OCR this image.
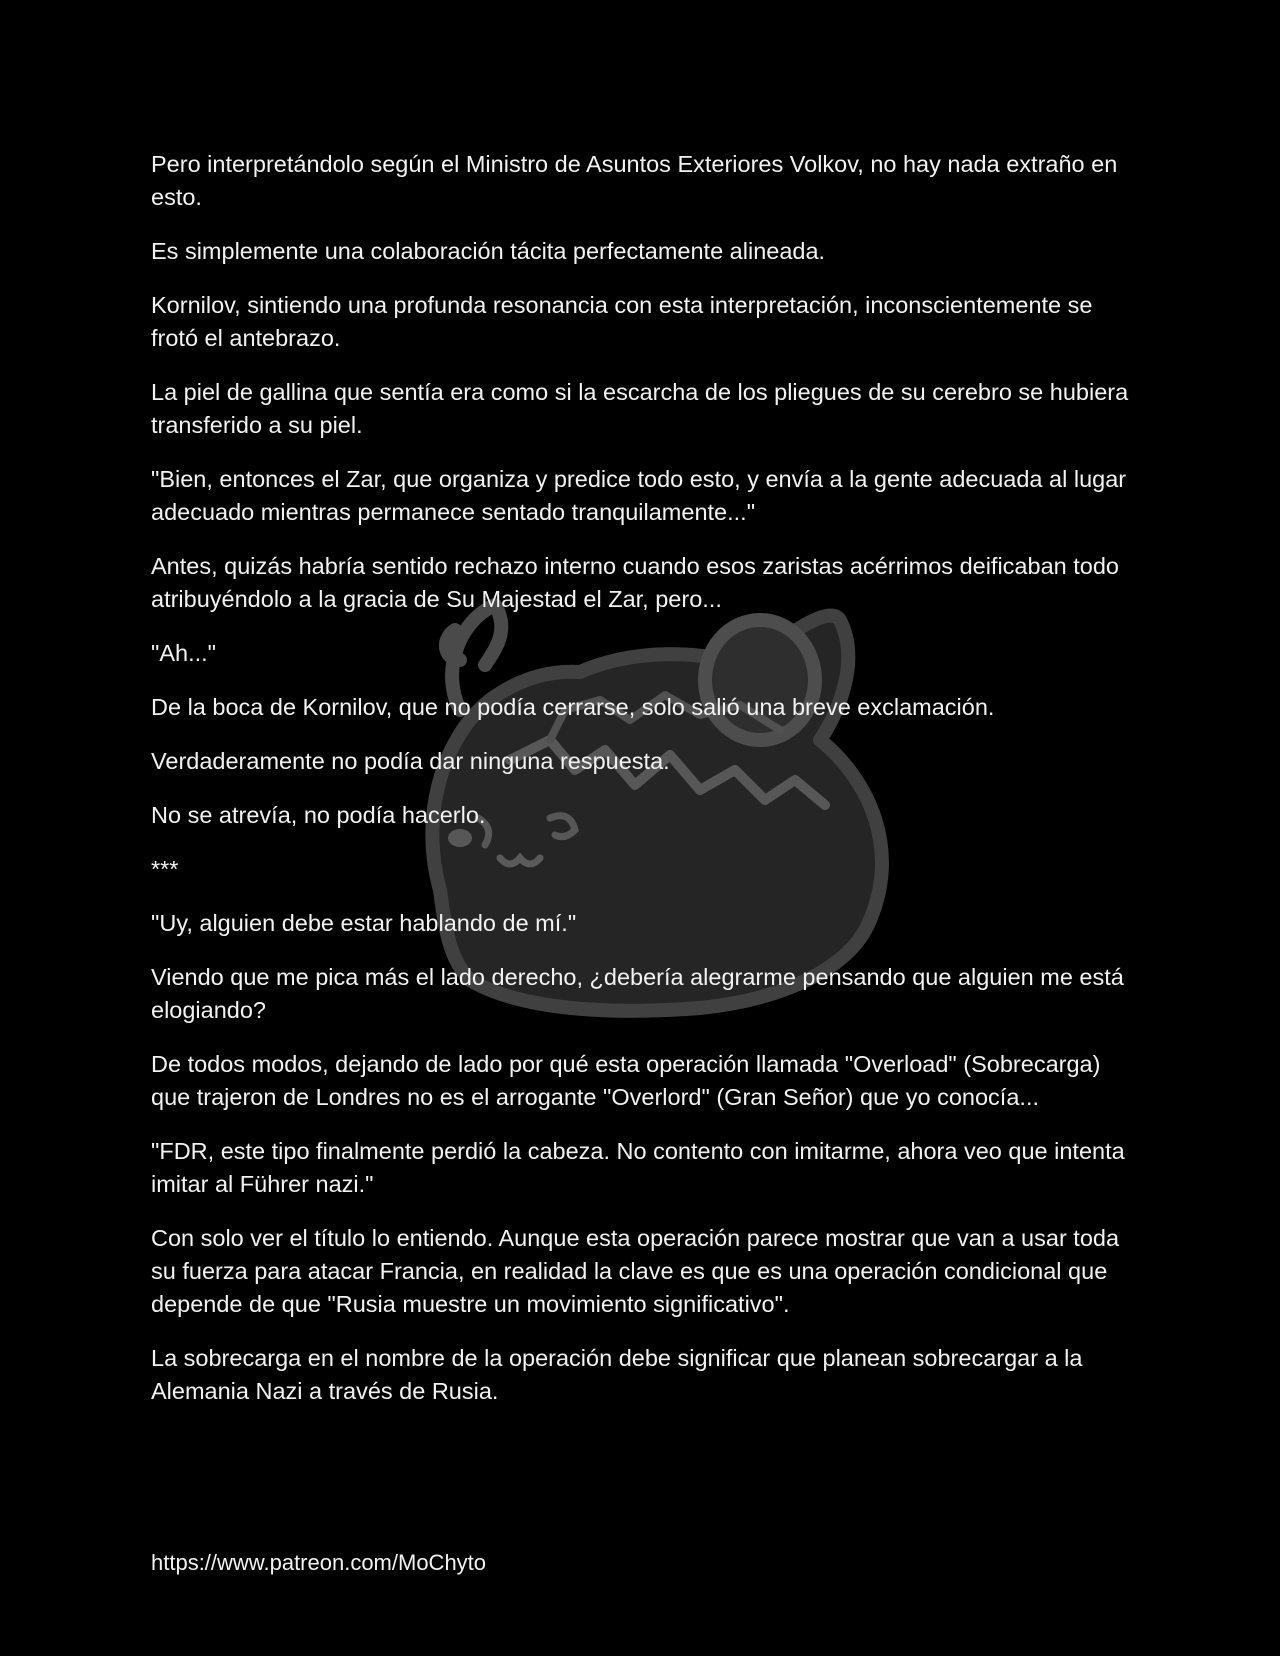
Pero interpretándolo según el Ministro de Asuntos Exteriores Volkov, no hay nada extraño en esto.

Es simplemente una colaboración tácita perfectamente alineada.

Kornilov, sintiendo una profunda resonancia con esta interpretación, inconscientemente se frotó el antebrazo.

La piel de gallina que sentía era como si la escarcha de los pliegues de su cerebro se hubiera transferido a su piel.

"Bien, entonces el Zar, que organiza y predice todo esto, y envía a la gente adecuada al lugar adecuado mientras permanece sentado tranquilamente..."

Antes, quizás habría sentido rechazo interno cuando esos zaristas acérrimos deificaban todo atribuyéndolo a la gracia de Su Majestad el Zar, pero...

"Ah..."

De la boca de Kornilov, que no podía cerrarse, solo salió una breve exclamación.

Verdaderamente no podía dar ninguna respuesta.

No se atrevía, no podía hacerlo.

***

"Uy, alguien debe estar hablando de mí."

Viendo que me pica más el lado derecho, ¿debería alegrarme pensando que alguien me está elogiando?

De todos modos, dejando de lado por qué esta operación llamada "Overload" (Sobrecarga) que trajeron de Londres no es el arrogante "Overlord" (Gran Señor) que yo conocía...

"FDR, este tipo finalmente perdió la cabeza. No contento con imitarme, ahora veo que intenta imitar al Führer nazi."

Con solo ver el título lo entiendo. Aunque esta operación parece mostrar que van a usar toda su fuerza para atacar Francia, en realidad la clave es que es una operación condicional que depende de que "Rusia muestre un movimiento significativo".

La sobrecarga en el nombre de la operación debe significar que planean sobrecargar a la Alemania Nazi a través de Rusia.

https://www.patreon.com/MoChyto
